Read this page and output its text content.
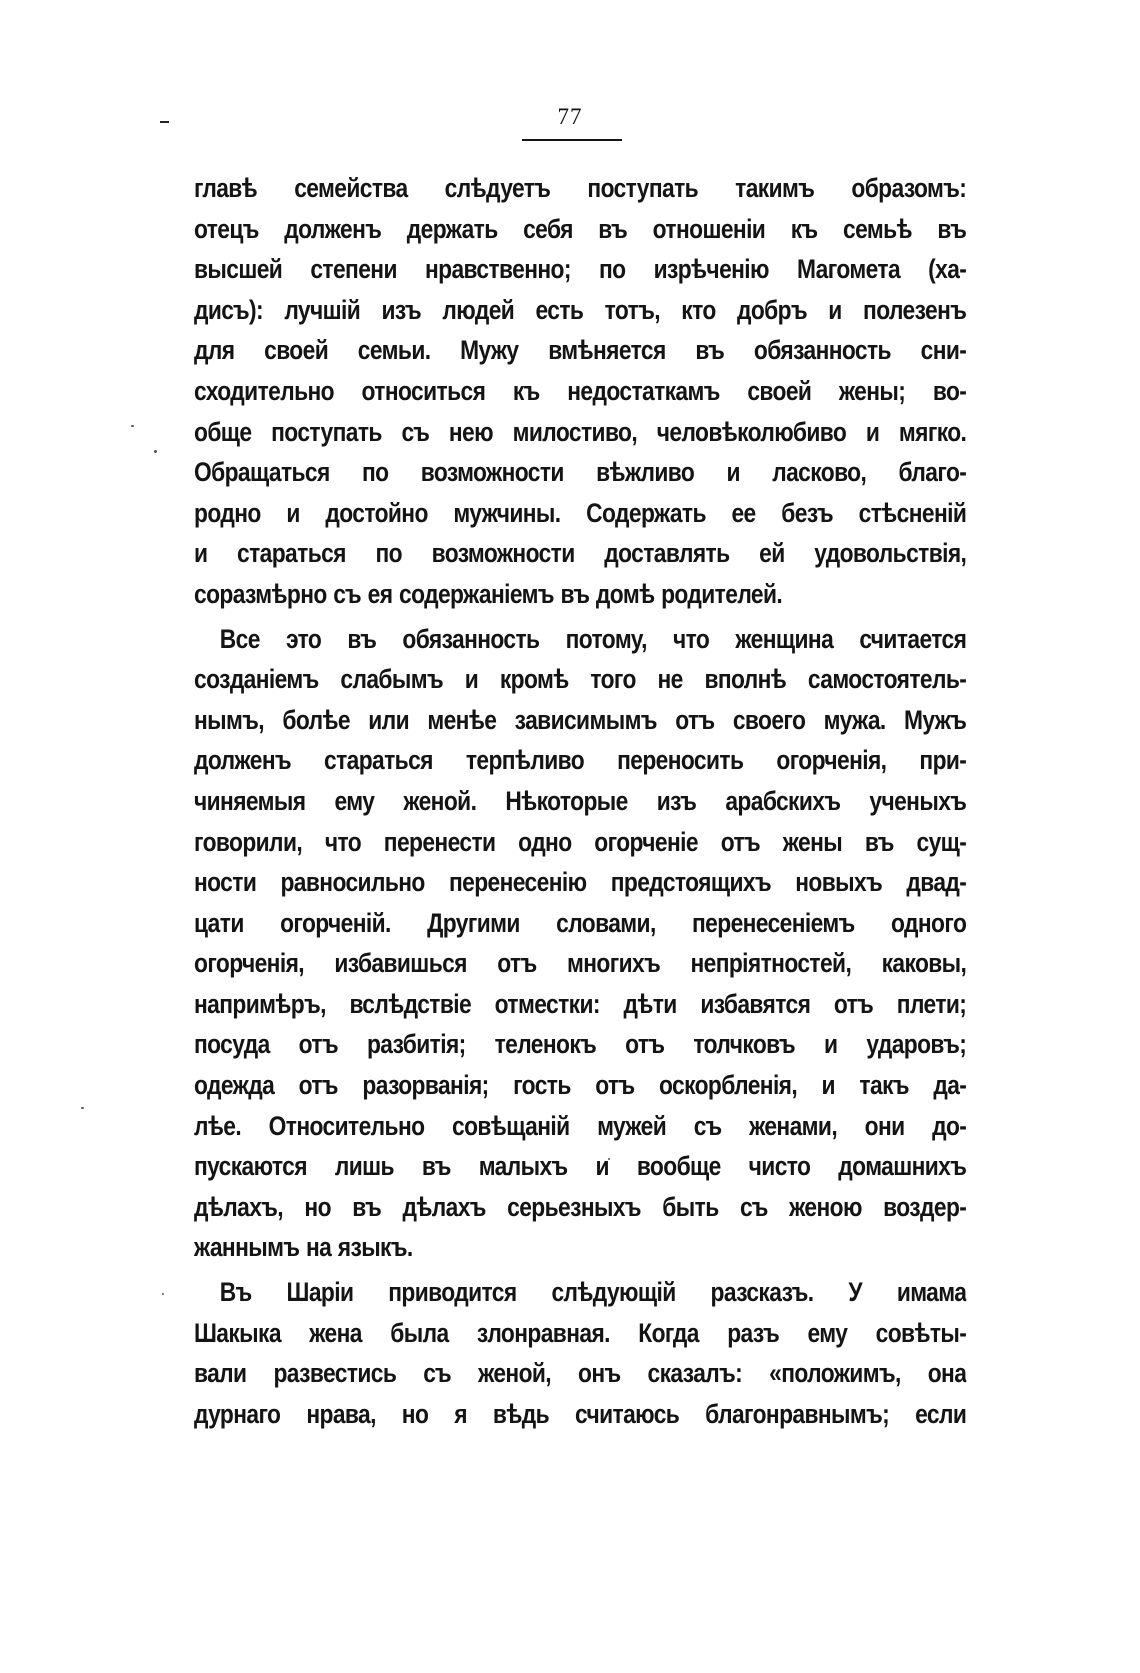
77
главѣ семейства слѣдуетъ поступать такимъ образомъ:
отецъ долженъ держать себя въ отношеніи къ семьѣ въ
высшей степени нравственно; по изрѣченію Магомета (ха-
дисъ): лучшій изъ людей есть тотъ, кто добръ и полезенъ
для своей семьи. Мужу вмѣняется въ обязанность сни-
сходительно относиться къ недостаткамъ своей жены; во-
обще поступать съ нею милостиво, человѣколюбиво и мягко.
Обращаться по возможности вѣжливо и ласково, благо-
родно и достойно мужчины. Содержать ее безъ стѣсненій
и стараться по возможности доставлять ей удовольствія,
соразмѣрно съ ея содержаніемъ въ домѣ родителей.
Все это въ обязанность потому, что женщина считается
созданіемъ слабымъ и кромѣ того не вполнѣ самостоятель-
нымъ, болѣе или менѣе зависимымъ отъ своего мужа. Мужъ
долженъ стараться терпѣливо переносить огорченія, при-
чиняемыя ему женой. Нѣкоторые изъ арабскихъ ученыхъ
говорили, что перенести одно огорченіе отъ жены въ сущ-
ности равносильно перенесенію предстоящихъ новыхъ двад-
цати огорченій. Другими словами, перенесеніемъ одного
огорченія, избавишься отъ многихъ непріятностей, каковы,
напримѣръ, вслѣдствіе отместки: дѣти избавятся отъ плети;
посуда отъ разбитія; теленокъ отъ толчковъ и ударовъ;
одежда отъ разорванія; гость отъ оскорбленія, и такъ да-
лѣе. Относительно совѣщаній мужей съ женами, они до-
пускаются лишь въ малыхъ и вообще чисто домашнихъ
дѣлахъ, но въ дѣлахъ серьезныхъ быть съ женою воздер-
жаннымъ на языкъ.
Въ Шаріи приводится слѣдующій разсказъ. У имама
Шакыка жена была злонравная. Когда разъ ему совѣты-
вали развестись съ женой, онъ сказалъ: «положимъ, она
дурнаго нрава, но я вѣдь считаюсь благонравнымъ; если
